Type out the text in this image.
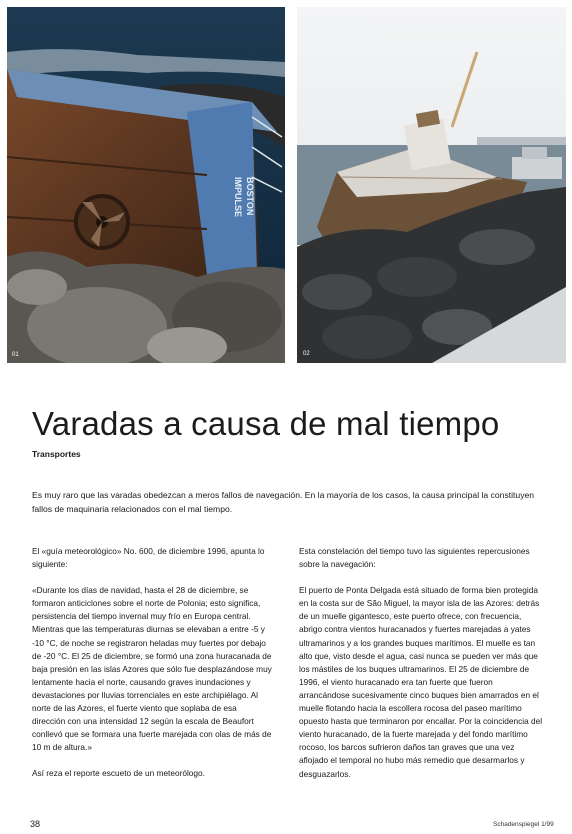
IMPULSE BOSTON
01	02
Varadas a causa de mal tiempo
Transportes

Es muy raro que las varadas obedezcan a meros fallos de navegación. En la mayoría de los casos, la causa principal la constituyen fallos de maquinaria relacionados con el mal tiempo.

El «guía meteorológico» No. 600, de diciembre 1996, apunta lo siguiente:

«Durante los días de navidad, hasta el 28 de diciembre, se formaron anticiclones sobre el norte de Polonia; esto significa, persistencia del tiempo invernal muy frío en Europa central. Mientras que las temperaturas diurnas se elevaban a entre -5 y -10 °C, de noche se registraron heladas muy fuertes por debajo de -20 °C. El 25 de diciembre, se formó una zona huracanada de baja presión en las islas Azores que sólo fue desplazándose muy lentamente hacia el norte, causando graves inundaciones y devastaciones por lluvias torrenciales en este archipiélago. Al norte de las Azores, el fuerte viento que soplaba de esa dirección con una intensidad 12 según la escala de Beaufort conllevó que se formara una fuerte marejada con olas de más de 10 m de altura.»

Así reza el reporte escueto de un meteorólogo.

Esta constelación del tiempo tuvo las siguientes repercusiones sobre la navegación:

El puerto de Ponta Delgada está situado de forma bien protegida en la costa sur de São Miguel, la mayor isla de las Azores: detrás de un muelle gigantesco, este puerto ofrece, con frecuencia, abrigo contra vientos huracanados y fuertes marejadas a yates ultramarinos y a los grandes buques marítimos. El muelle es tan alto que, visto desde el agua, casi nunca se pueden ver más que los mástiles de los buques ultramarinos. El 25 de diciembre de 1996, el viento huracanado era tan fuerte que fueron arrancándose sucesivamente cinco buques bien amarrados en el muelle flotando hacia la escollera rocosa del paseo marítimo opuesto hasta que terminaron por encallar. Por la coincidencia del viento huracanado, de la fuerte marejada y del fondo marítimo rocoso, los barcos sufrieron daños tan graves que una vez aflojado el temporal no hubo más remedio que desarmarlos y desguazarlos.

38	Schadenspiegel 1/99
